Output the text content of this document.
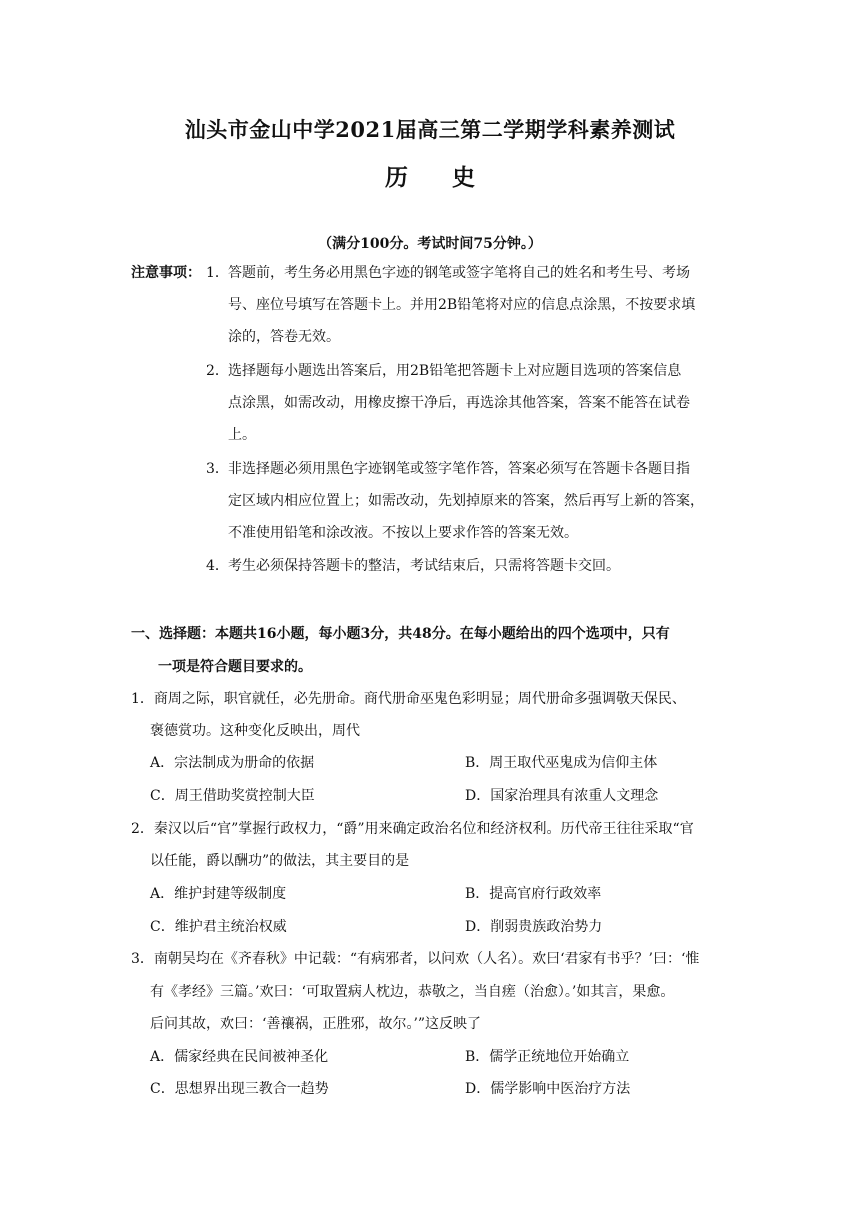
汕头市金山中学2021届高三第二学期学科素养测试
历 史
（满分100分。考试时间75分钟。）
注意事项： 1． 答题前，考生务必用黑色字迹的钢笔或签字笔将自己的姓名和考生号、考场
号、座位号填写在答题卡上。并用2B铅笔将对应的信息点涂黑，不按要求填
涂的，答卷无效。
2． 选择题每小题选出答案后，用2B铅笔把答题卡上对应题目选项的答案信息
点涂黑，如需改动，用橡皮擦干净后，再选涂其他答案，答案不能答在试卷
上。
3． 非选择题必须用黑色字迹钢笔或签字笔作答，答案必须写在答题卡各题目指
定区域内相应位置上；如需改动，先划掉原来的答案，然后再写上新的答案，
不准使用铅笔和涂改液。不按以上要求作答的答案无效。
4． 考生必须保持答题卡的整洁，考试结束后，只需将答题卡交回。
一、选择题：本题共16小题，每小题3分，共48分。在每小题给出的四个选项中，只有
一项是符合题目要求的。
1．商周之际，职官就任，必先册命。商代册命巫鬼色彩明显；周代册命多强调敬天保民、
褒德赏功。这种变化反映出，周代
A．宗法制成为册命的依据	B．周王取代巫鬼成为信仰主体
C．周王借助奖赏控制大臣	D．国家治理具有浓重人文理念
2．秦汉以后“官”掌握行政权力，“爵”用来确定政治名位和经济权利。历代帝王往往采取“官
以任能，爵以酬功”的做法，其主要目的是
A．维护封建等级制度	B．提高官府行政效率
C．维护君主统治权威	D．削弱贵族政治势力
3．南朝吴均在《齐春秋》中记载：“有病邪者，以问欢（人名）。欢曰‘君家有书乎？’曰：‘惟
有《孝经》三篇。’欢曰：‘可取置病人枕边，恭敬之，当自瘥（治愈）。’如其言，果愈。
后问其故，欢曰：‘善禳祸，正胜邪，故尔。’”这反映了
A．儒家经典在民间被神圣化	B．儒学正统地位开始确立
C．思想界出现三教合一趋势	D．儒学影响中医治疗方法
